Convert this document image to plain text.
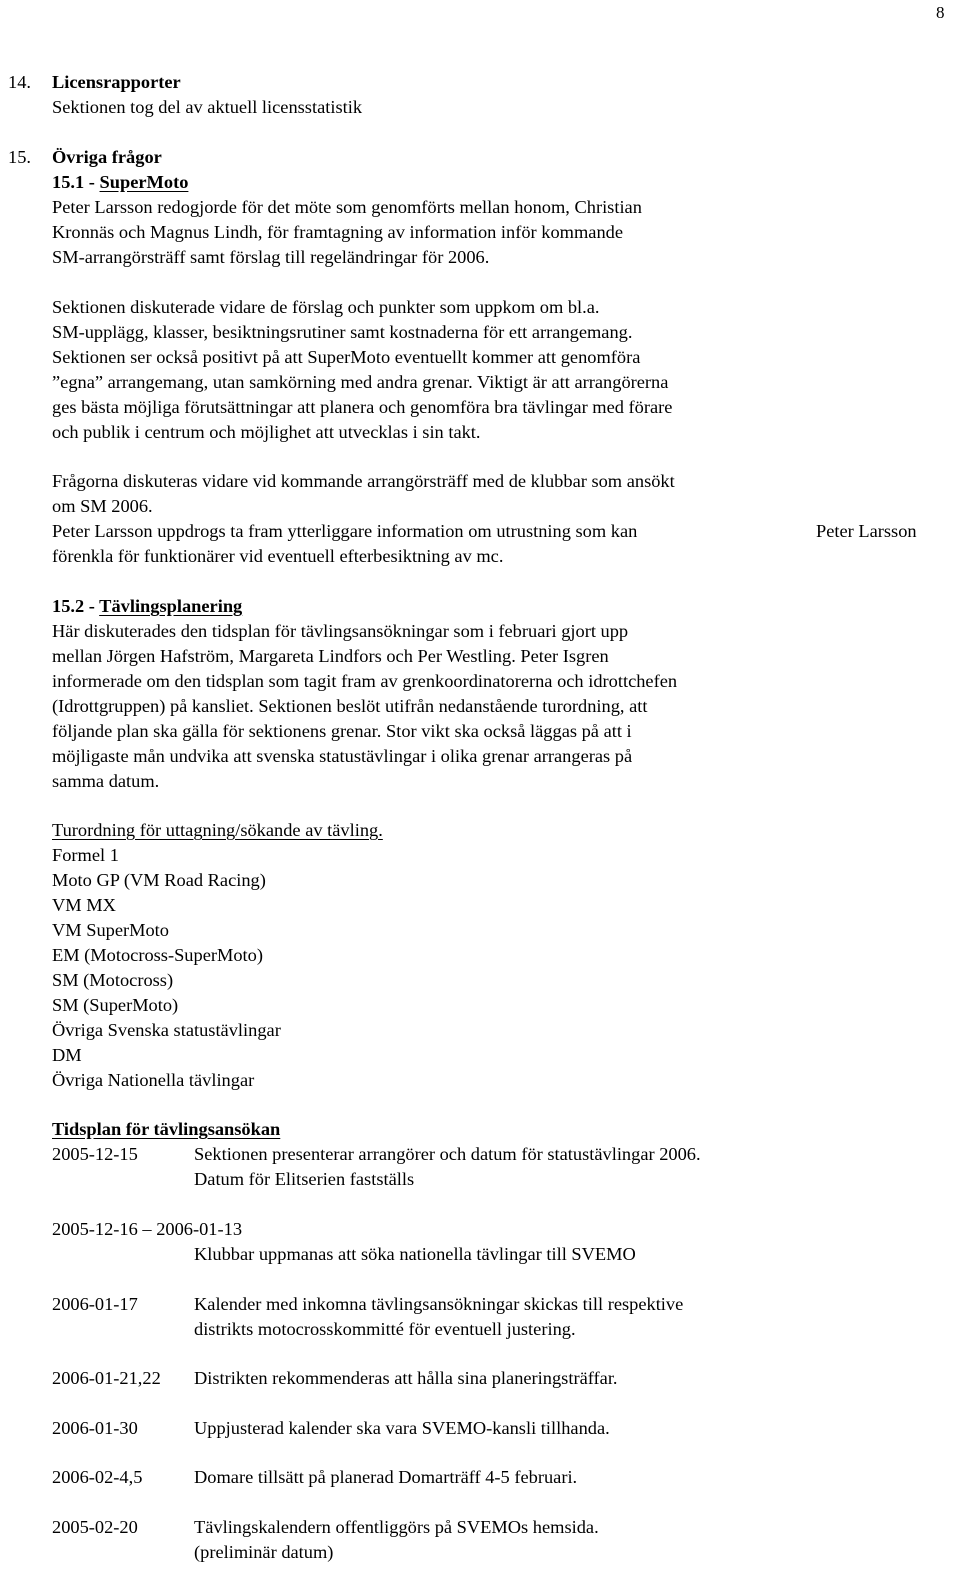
8
14. Licensrapporter
Sektionen tog del av aktuell licensstatistik
15. Övriga frågor
15.1 - SuperMoto
Peter Larsson redogjorde för det möte som genomförts mellan honom, Christian
Kronnäs och Magnus Lindh, för framtagning av information inför kommande
SM-arrangörsträff samt förslag till regeländringar för 2006.
Sektionen diskuterade vidare de förslag och punkter som uppkom om bl.a.
SM-upplägg, klasser, besiktningsrutiner samt kostnaderna för ett arrangemang.
Sektionen ser också positivt på att SuperMoto eventuellt kommer att genomföra
”egna” arrangemang, utan samkörning med andra grenar. Viktigt är att arrangörerna
ges bästa möjliga förutsättningar att planera och genomföra bra tävlingar med förare
och publik i centrum och möjlighet att utvecklas i sin takt.
Frågorna diskuteras vidare vid kommande arrangörsträff med de klubbar som ansökt
om SM 2006.
Peter Larsson uppdrogs ta fram ytterliggare information om utrustning som kan
förenkla för funktionärer vid eventuell efterbesiktning av mc.
Peter Larsson
15.2 - Tävlingsplanering
Här diskuterades den tidsplan för tävlingsansökningar som i februari gjort upp
mellan Jörgen Hafström, Margareta Lindfors och Per Westling. Peter Isgren
informerade om den tidsplan som tagit fram av grenkoordinatorerna och idrottchefen
(Idrottgruppen) på kansliet. Sektionen beslöt utifrån nedanstående turordning, att
följande plan ska gälla för sektionens grenar. Stor vikt ska också läggas på att i
möjligaste mån undvika att svenska statustävlingar i olika grenar arrangeras på
samma datum.
Turordning för uttagning/sökande av tävling.
Formel 1
Moto GP (VM Road Racing)
VM MX
VM SuperMoto
EM (Motocross-SuperMoto)
SM (Motocross)
SM (SuperMoto)
Övriga Svenska statustävlingar
DM
Övriga Nationella tävlingar
Tidsplan för tävlingsansökan
2005-12-15	Sektionen presenterar arrangörer och datum för statustävlingar 2006.
Datum för Elitserien fastställs
2005-12-16 – 2006-01-13
Klubbar uppmanas att söka nationella tävlingar till SVEMO
2006-01-17	Kalender med inkomna tävlingsansökningar skickas till respektive
distrikts motocrosskommitté för eventuell justering.
2006-01-21,22 Distrikten rekommenderas att hålla sina planeringsträffar.
2006-01-30	Uppjusterad kalender ska vara SVEMO-kansli tillhanda.
2006-02-4,5	Domare tillsätt på planerad Domarträff 4-5 februari.
2005-02-20	Tävlingskalendern offentliggörs på SVEMOs hemsida.
(preliminär datum)
